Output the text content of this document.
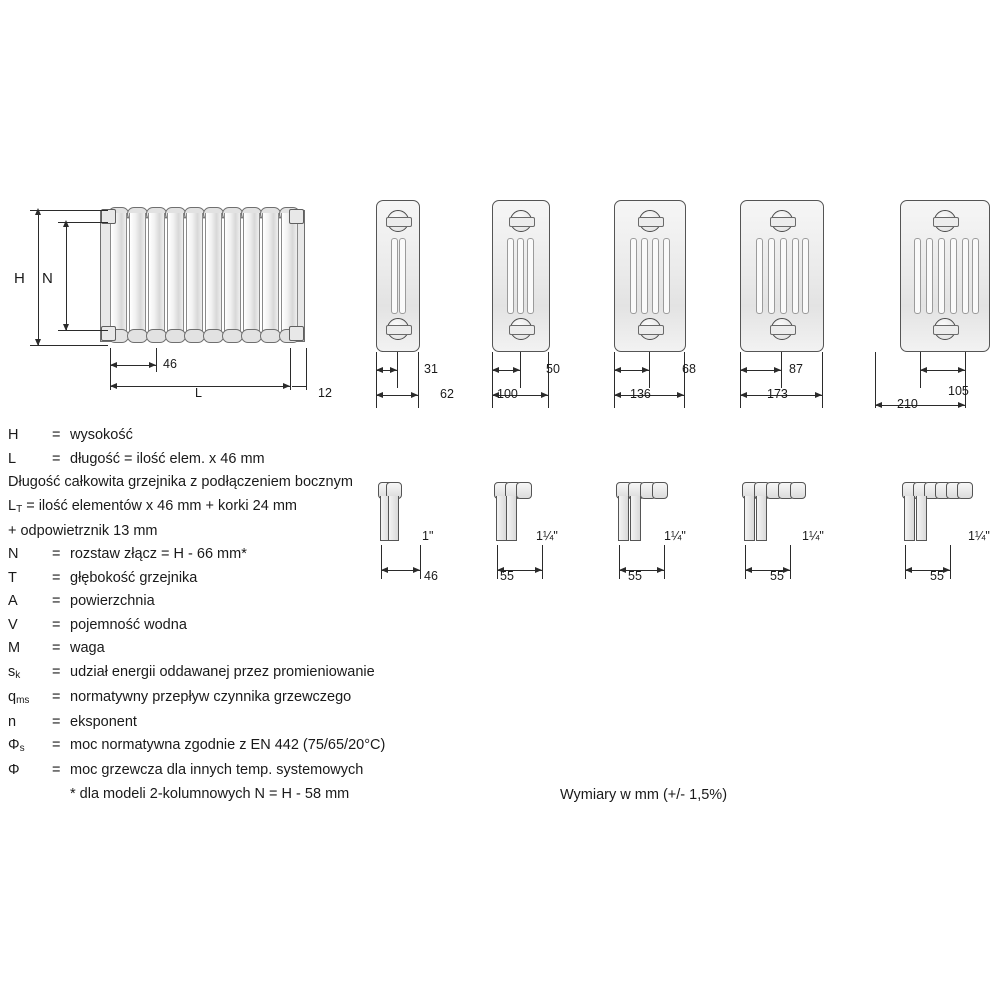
H N
46
L	12
31
62
50
100
68
136
87
173	105
210
1"
46
1¼"
55
1¼"
55
1¼"
55
1¼"
55
H	= wysokość
L	= długość = ilość elem. x 46 mm
Długość całkowita grzejnika z podłączeniem bocznym
$L_T$ = ilość elementów x 46 mm + korki 24 mm
+ odpowietrznik 13 mm
N	= rozstaw złącz = H - 66 mm*
T	= głębokość grzejnika
A	= powierzchnia
V	= pojemność wodna
M	= waga
$s_k$	= udział energii oddawanej przez promieniowanie
$q_{ms}$	= normatywny przepływ czynnika grzewczego
n	= eksponent
$\Phi_s$	= moc normatywna zgodnie z EN 442 (75/65/20°C)
Φ	= moc grzewcza dla innych temp. systemowych
* dla modeli 2-kolumnowych N = H - 58 mm	Wymiary w mm (+/- 1,5%)
